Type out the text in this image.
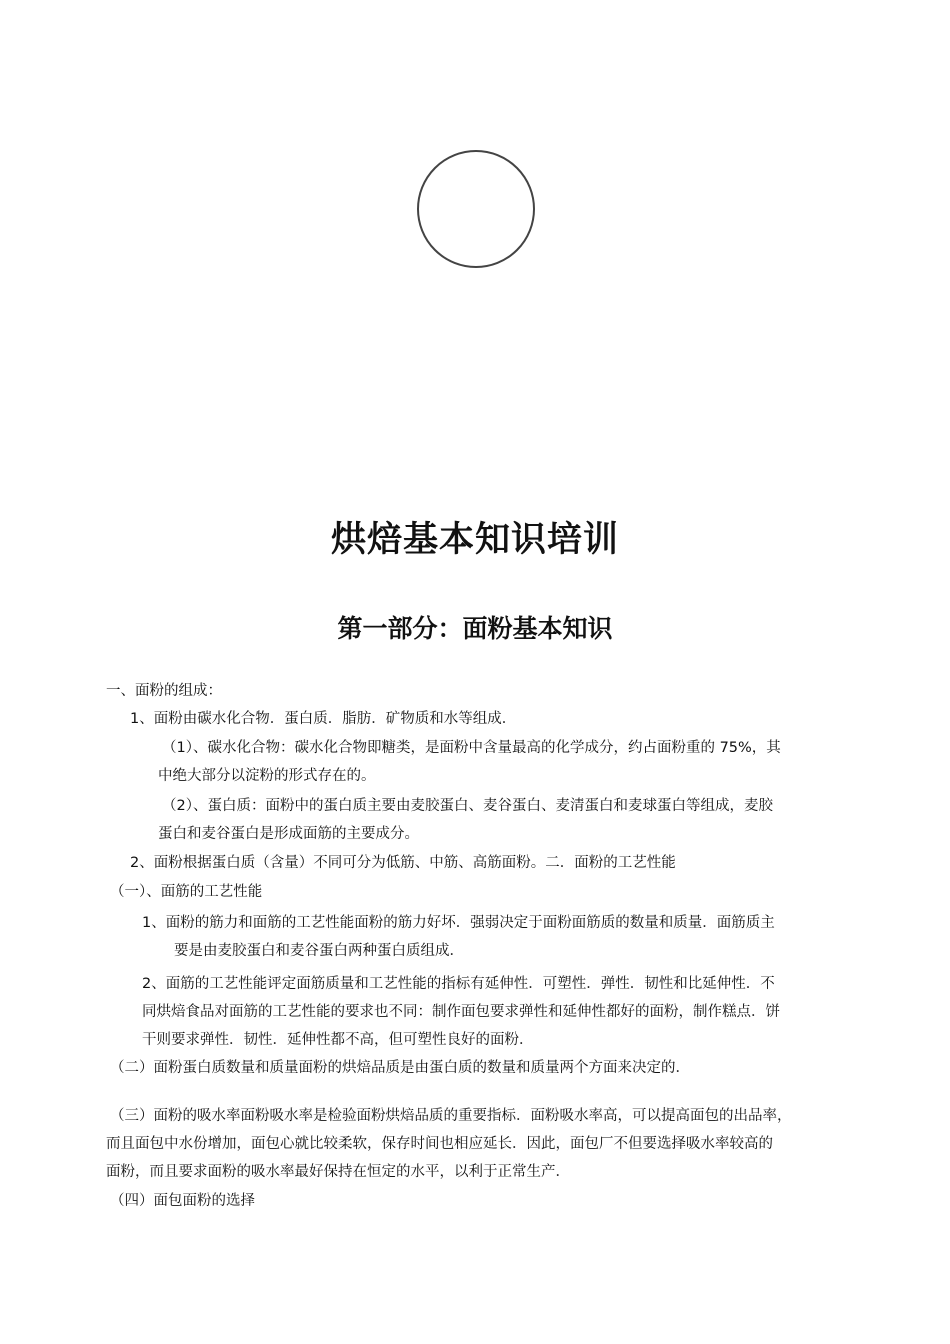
烘焙基本知识培训
第一部分：面粉基本知识
一、面粉的组成：
1、面粉由碳水化合物．蛋白质．脂肪．矿物质和水等组成．
（1）、碳水化合物：碳水化合物即糖类，是面粉中含量最高的化学成分，约占面粉重的 75%，其
中绝大部分以淀粉的形式存在的。
（2）、蛋白质：面粉中的蛋白质主要由麦胶蛋白、麦谷蛋白、麦清蛋白和麦球蛋白等组成，麦胶
蛋白和麦谷蛋白是形成面筋的主要成分。
2、面粉根据蛋白质（含量）不同可分为低筋、中筋、高筋面粉。二．面粉的工艺性能
（一）、面筋的工艺性能
1、面粉的筋力和面筋的工艺性能面粉的筋力好坏．强弱决定于面粉面筋质的数量和质量．面筋质主
要是由麦胶蛋白和麦谷蛋白两种蛋白质组成．
2、面筋的工艺性能评定面筋质量和工艺性能的指标有延伸性．可塑性．弹性．韧性和比延伸性．不
同烘焙食品对面筋的工艺性能的要求也不同：制作面包要求弹性和延伸性都好的面粉，制作糕点．饼
干则要求弹性．韧性．延伸性都不高，但可塑性良好的面粉．
（二）面粉蛋白质数量和质量面粉的烘焙品质是由蛋白质的数量和质量两个方面来决定的．
（三）面粉的吸水率面粉吸水率是检验面粉烘焙品质的重要指标．面粉吸水率高，可以提高面包的出品率，
而且面包中水份增加，面包心就比较柔软，保存时间也相应延长．因此，面包厂不但要选择吸水率较高的
面粉，而且要求面粉的吸水率最好保持在恒定的水平，以利于正常生产．
（四）面包面粉的选择
